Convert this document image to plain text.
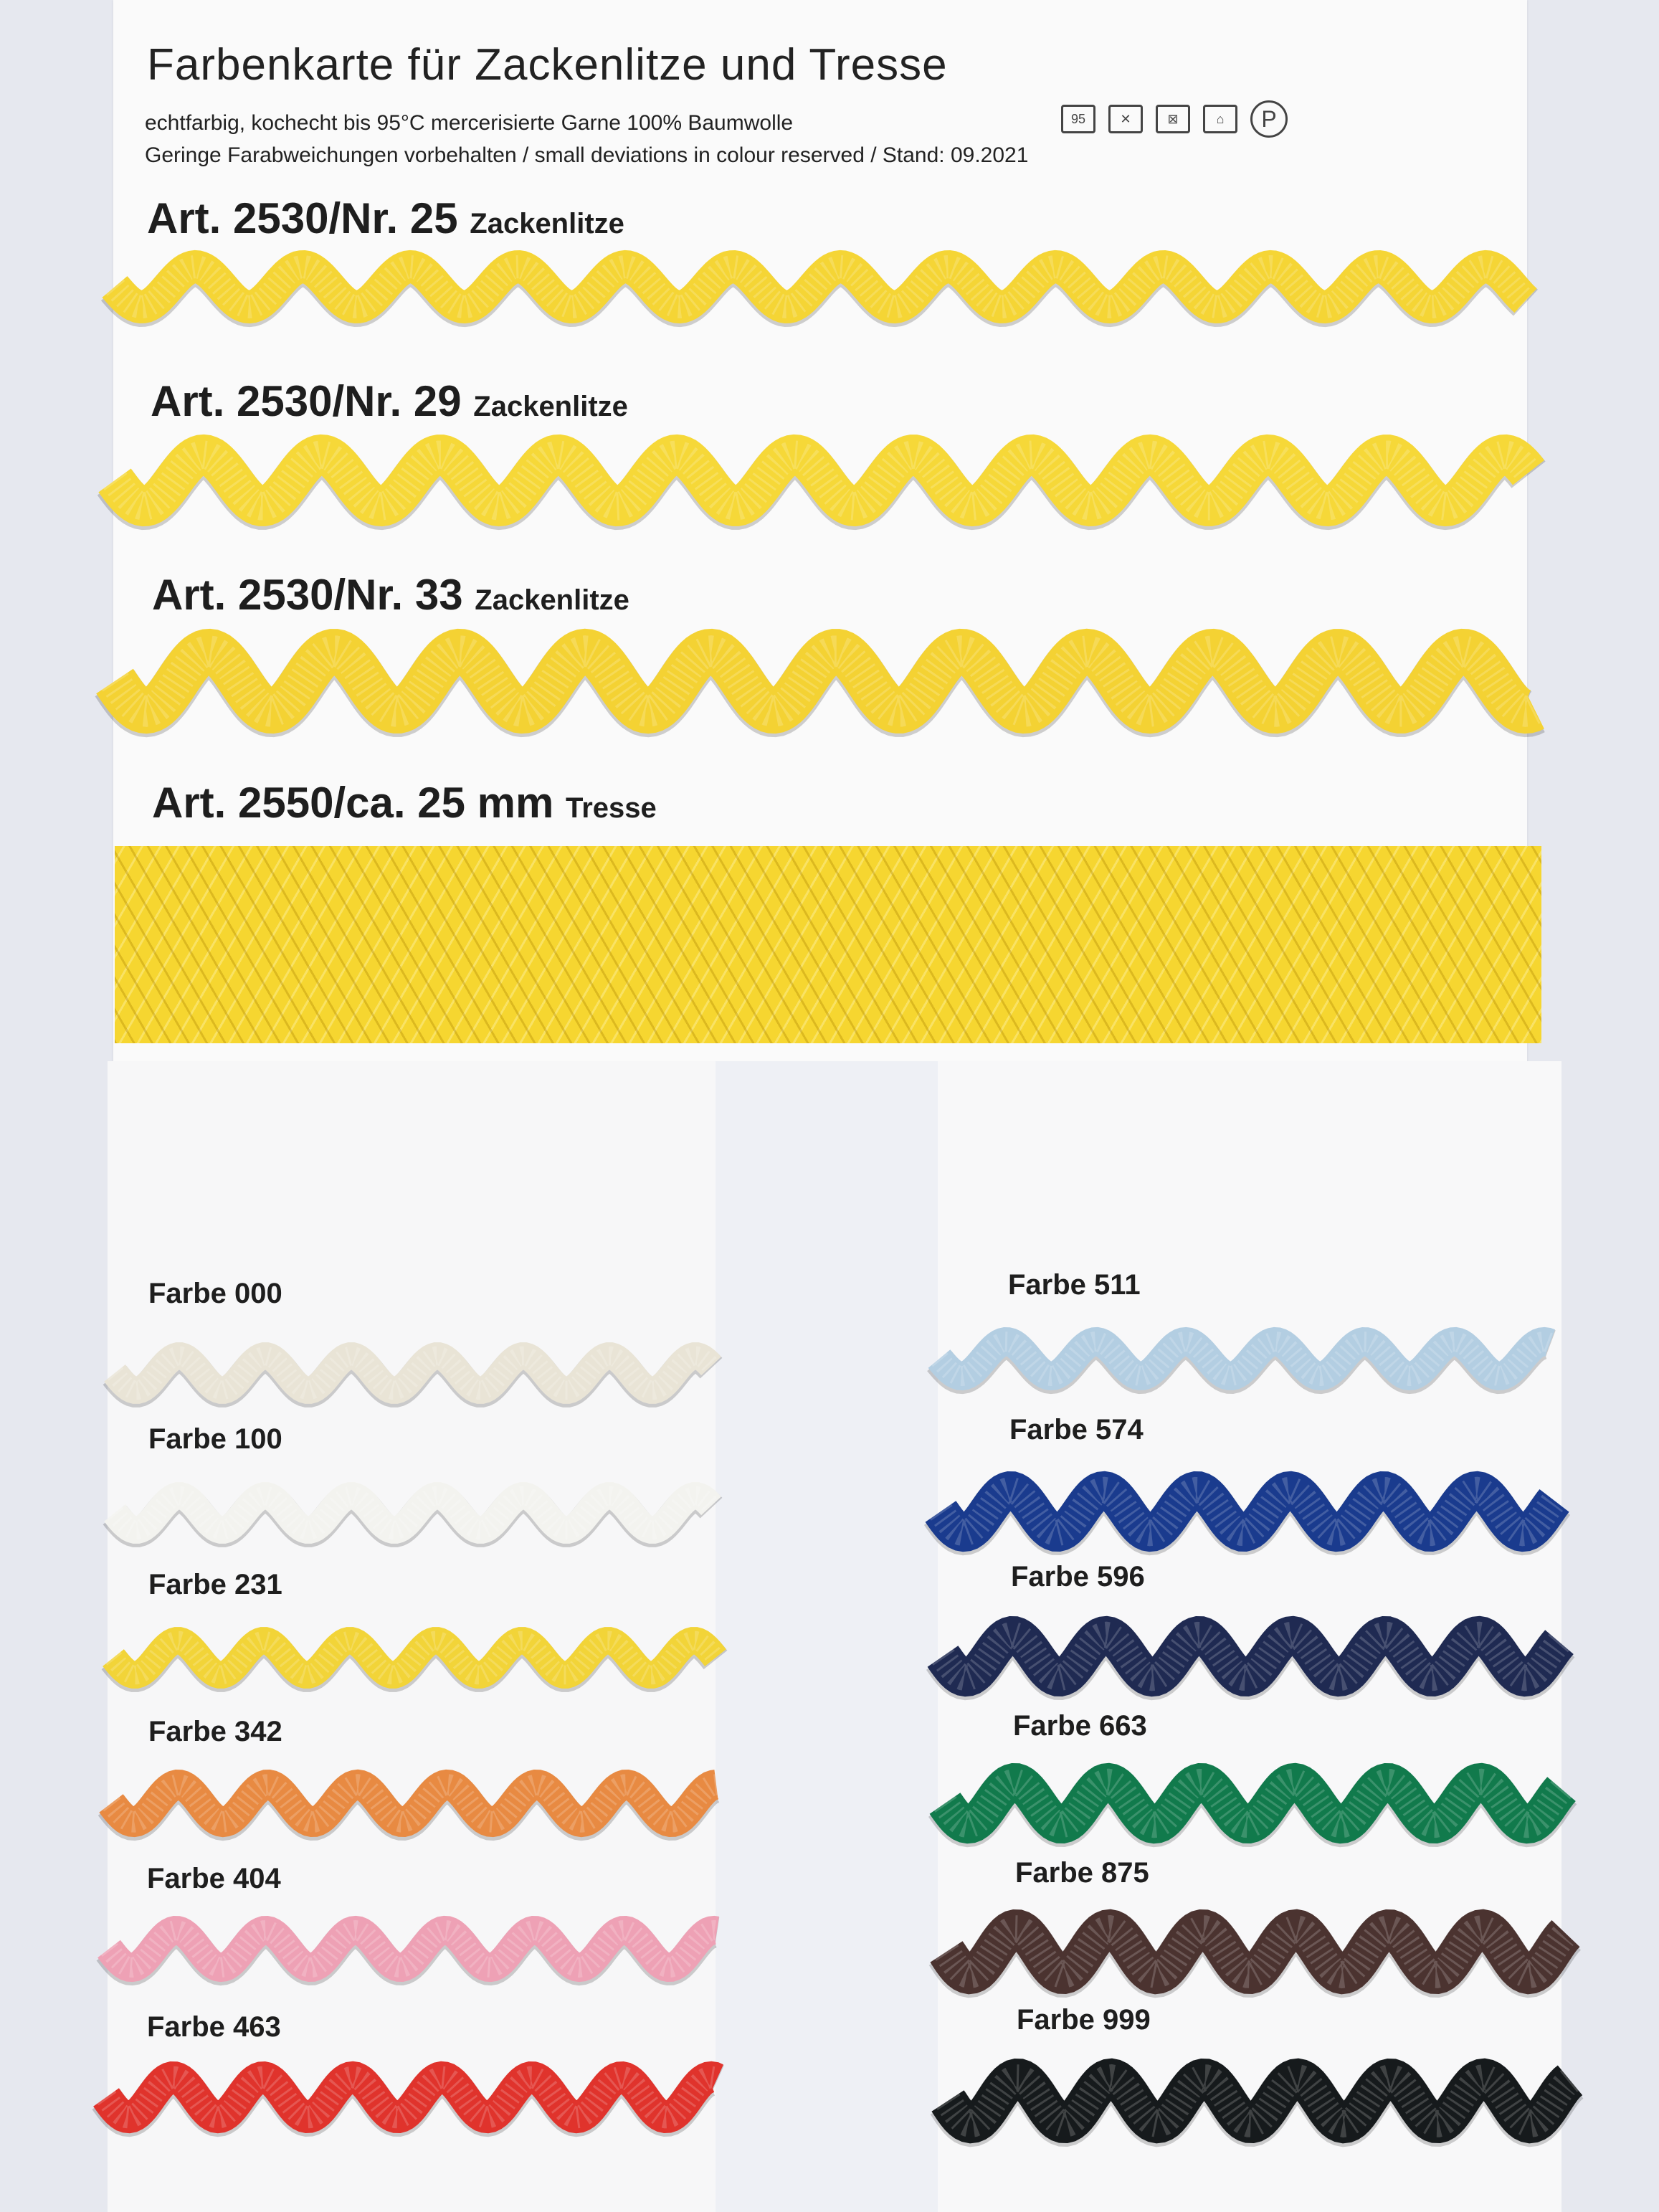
Farbenkarte für Zackenlitze und Tresse
echtfarbig, kochecht bis 95°C mercerisierte Garne 100% Baumwolle
Geringe Farabweichungen vorbehalten / small deviations in colour reserved / Stand: 09.2021
95	✕	⊠	⌂	P
Art. 2530/Nr. 25 Zackenlitze
Art. 2530/Nr. 29 Zackenlitze
Art. 2530/Nr. 33 Zackenlitze
Art. 2550/ca. 25 mm Tresse
Farbe 000
Farbe 100
Farbe 231
Farbe 342
Farbe 404
Farbe 463
Farbe 511
Farbe 574
Farbe 596
Farbe 663
Farbe 875
Farbe 999
